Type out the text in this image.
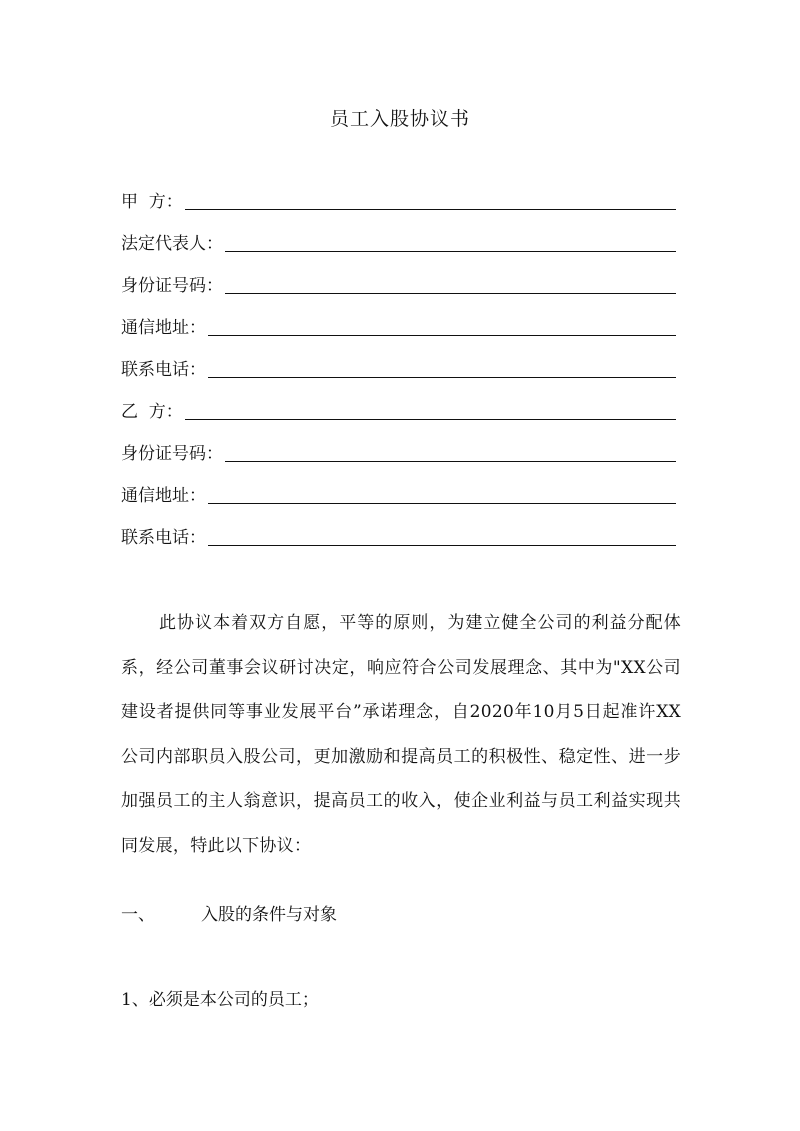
员工入股协议书
甲  方：
法定代表人：
身份证号码：
通信地址：
联系电话：
乙  方：
身份证号码：
通信地址：
联系电话：
此协议本着双方自愿，平等的原则，为建立健全公司的利益分配体系，经公司董事会议研讨决定，响应符合公司发展理念、其中为"XX公司建设者提供同等事业发展平台”承诺理念，自2020年10月5日起准许XX公司内部职员入股公司，更加激励和提高员工的积极性、稳定性、进一步加强员工的主人翁意识，提高员工的收入，使企业利益与员工利益实现共同发展，特此以下协议：
一、	入股的条件与对象
1、必须是本公司的员工；
